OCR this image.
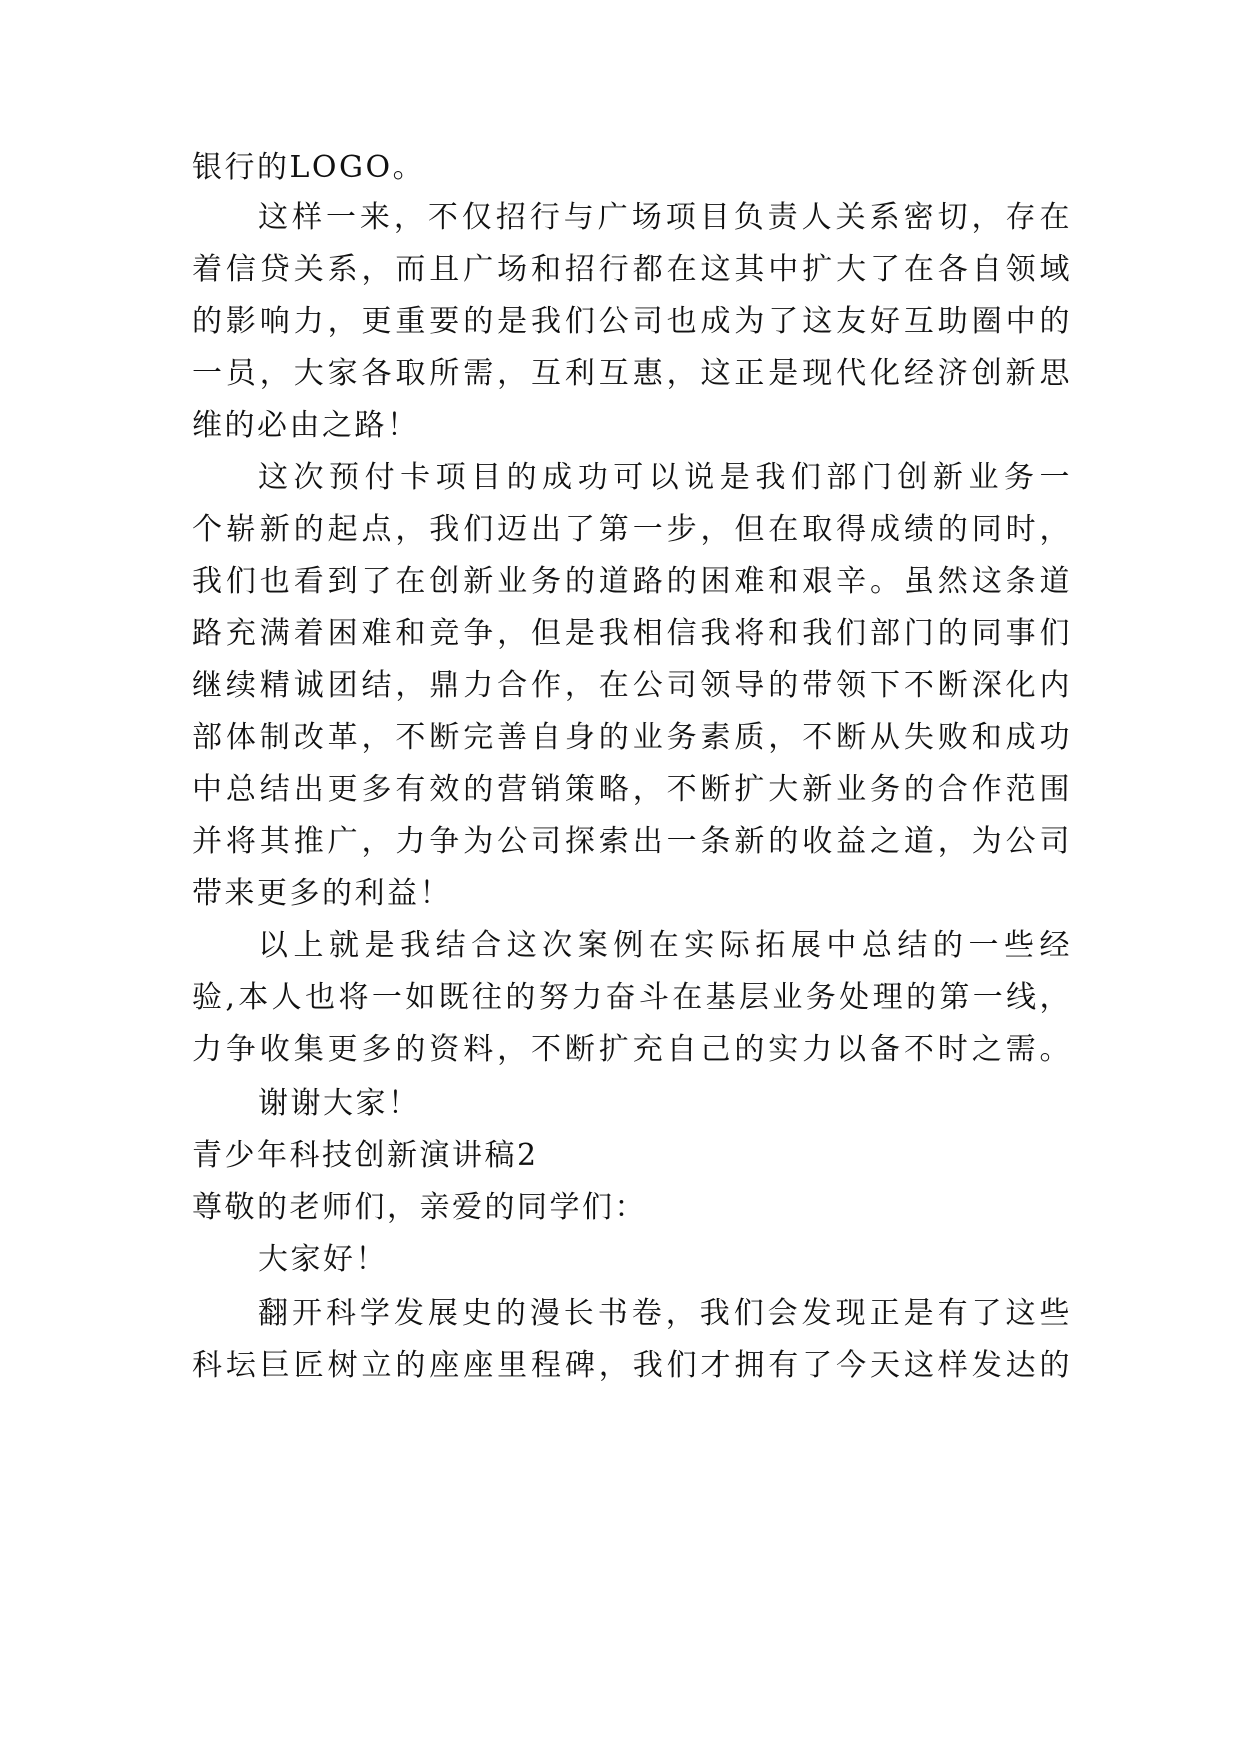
银行的LOGO。
这样一来，不仅招行与广场项目负责人关系密切，存在
着信贷关系，而且广场和招行都在这其中扩大了在各自领域
的影响力，更重要的是我们公司也成为了这友好互助圈中的
一员，大家各取所需，互利互惠，这正是现代化经济创新思
维的必由之路！
这次预付卡项目的成功可以说是我们部门创新业务一
个崭新的起点，我们迈出了第一步，但在取得成绩的同时，
我们也看到了在创新业务的道路的困难和艰辛。虽然这条道
路充满着困难和竞争，但是我相信我将和我们部门的同事们
继续精诚团结，鼎力合作，在公司领导的带领下不断深化内
部体制改革，不断完善自身的业务素质，不断从失败和成功
中总结出更多有效的营销策略，不断扩大新业务的合作范围
并将其推广，力争为公司探索出一条新的收益之道，为公司
带来更多的利益！
以上就是我结合这次案例在实际拓展中总结的一些经
验,本人也将一如既往的努力奋斗在基层业务处理的第一线，
力争收集更多的资料，不断扩充自己的实力以备不时之需。
谢谢大家！
青少年科技创新演讲稿2
尊敬的老师们，亲爱的同学们：
大家好！
翻开科学发展史的漫长书卷，我们会发现正是有了这些
科坛巨匠树立的座座里程碑，我们才拥有了今天这样发达的
